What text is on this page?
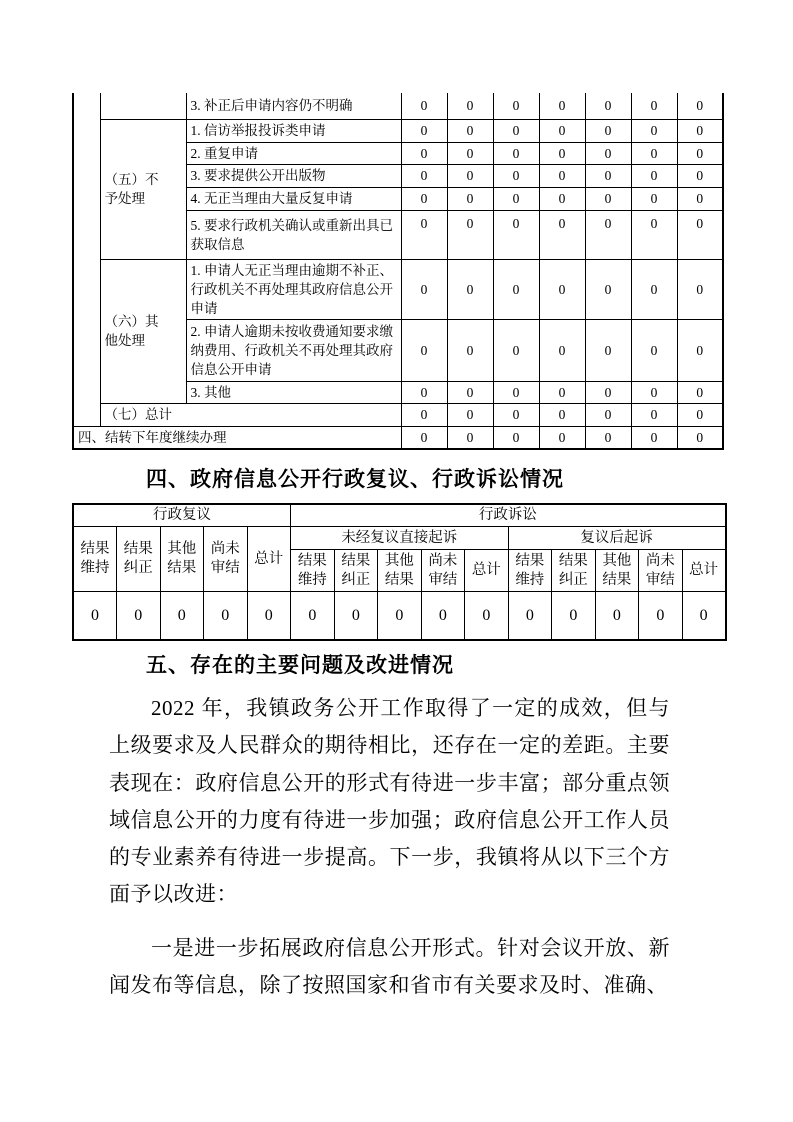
		3. 补正后申请内容仍不明确	0	0	0	0	0	0	0
	（五）不予处理	1. 信访举报投诉类申请	0	0	0	0	0	0	0
		2. 重复申请	0	0	0	0	0	0	0
		3. 要求提供公开出版物	0	0	0	0	0	0	0
		4. 无正当理由大量反复申请	0	0	0	0	0	0	0
		5. 要求行政机关确认或重新出具已获取信息	0	0	0	0	0	0	0
	（六）其他处理	1. 申请人无正当理由逾期不补正、行政机关不再处理其政府信息公开申请	0	0	0	0	0	0	0
		2. 申请人逾期未按收费通知要求缴纳费用、行政机关不再处理其政府信息公开申请	0	0	0	0	0	0	0
		3. 其他	0	0	0	0	0	0	0
	（七）总计		0	0	0	0	0	0	0
四、结转下年度继续办理			0	0	0	0	0	0	0
四、政府信息公开行政复议、行政诉讼情况
行政复议					行政诉讼									
结果维持	结果纠正	其他结果	尚未审结	总计	未经复议直接起诉					复议后起诉				
					结果维持	结果纠正	其他结果	尚未审结	总计	结果维持	结果纠正	其他结果	尚未审结	总计
0	0	0	0	0	0	0	0	0	0	0	0	0	0	0
五、存在的主要问题及改进情况

2022 年，我镇政务公开工作取得了一定的成效，但与上级要求及人民群众的期待相比，还存在一定的差距。主要表现在：政府信息公开的形式有待进一步丰富；部分重点领域信息公开的力度有待进一步加强；政府信息公开工作人员的专业素养有待进一步提高。下一步，我镇将从以下三个方面予以改进：

一是进一步拓展政府信息公开形式。针对会议开放、新闻发布等信息，除了按照国家和省市有关要求及时、准确、
